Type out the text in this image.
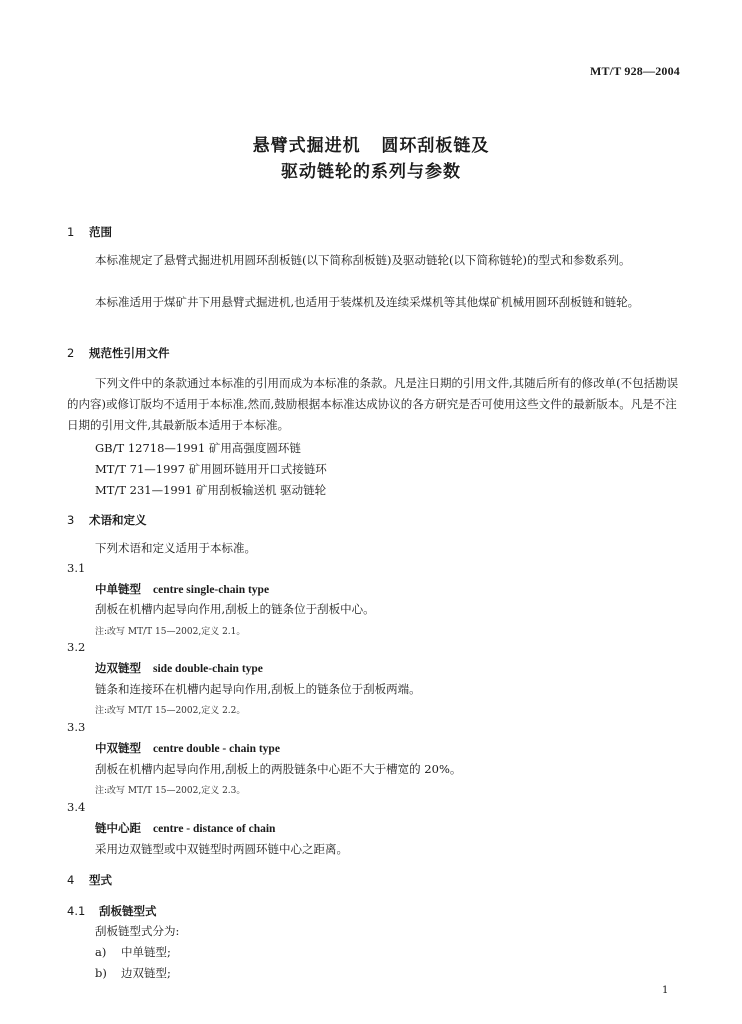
MT/T 928—2004
悬臂式掘进机   圆环刮板链及
驱动链轮的系列与参数
1 范围
本标准规定了悬臂式掘进机用圆环刮板链(以下简称刮板链)及驱动链轮(以下简称链轮)的型式和参数系列。
本标准适用于煤矿井下用悬臂式掘进机,也适用于装煤机及连续采煤机等其他煤矿机械用圆环刮板链和链轮。
2 规范性引用文件
下列文件中的条款通过本标准的引用而成为本标准的条款。凡是注日期的引用文件,其随后所有的修改单(不包括勘误的内容)或修订版均不适用于本标准,然而,鼓励根据本标准达成协议的各方研究是否可使用这些文件的最新版本。凡是不注日期的引用文件,其最新版本适用于本标准。
GB/T 12718—1991 矿用高强度圆环链
MT/T 71—1997 矿用圆环链用开口式接链环
MT/T 231—1991 矿用刮板输送机 驱动链轮
3 术语和定义
下列术语和定义适用于本标准。
3.1
中单链型 centre single-chain type
刮板在机槽内起导向作用,刮板上的链条位于刮板中心。
注:改写 MT/T 15—2002,定义 2.1。
3.2
边双链型 side double-chain type
链条和连接环在机槽内起导向作用,刮板上的链条位于刮板两端。
注:改写 MT/T 15—2002,定义 2.2。
3.3
中双链型 centre double - chain type
刮板在机槽内起导向作用,刮板上的两股链条中心距不大于槽宽的 20%。
注:改写 MT/T 15—2002,定义 2.3。
3.4
链中心距 centre - distance of chain
采用边双链型或中双链型时两圆环链中心之距离。
4 型式
4.1 刮板链型式
刮板链型式分为:
a) 中单链型;
b) 边双链型;
1
